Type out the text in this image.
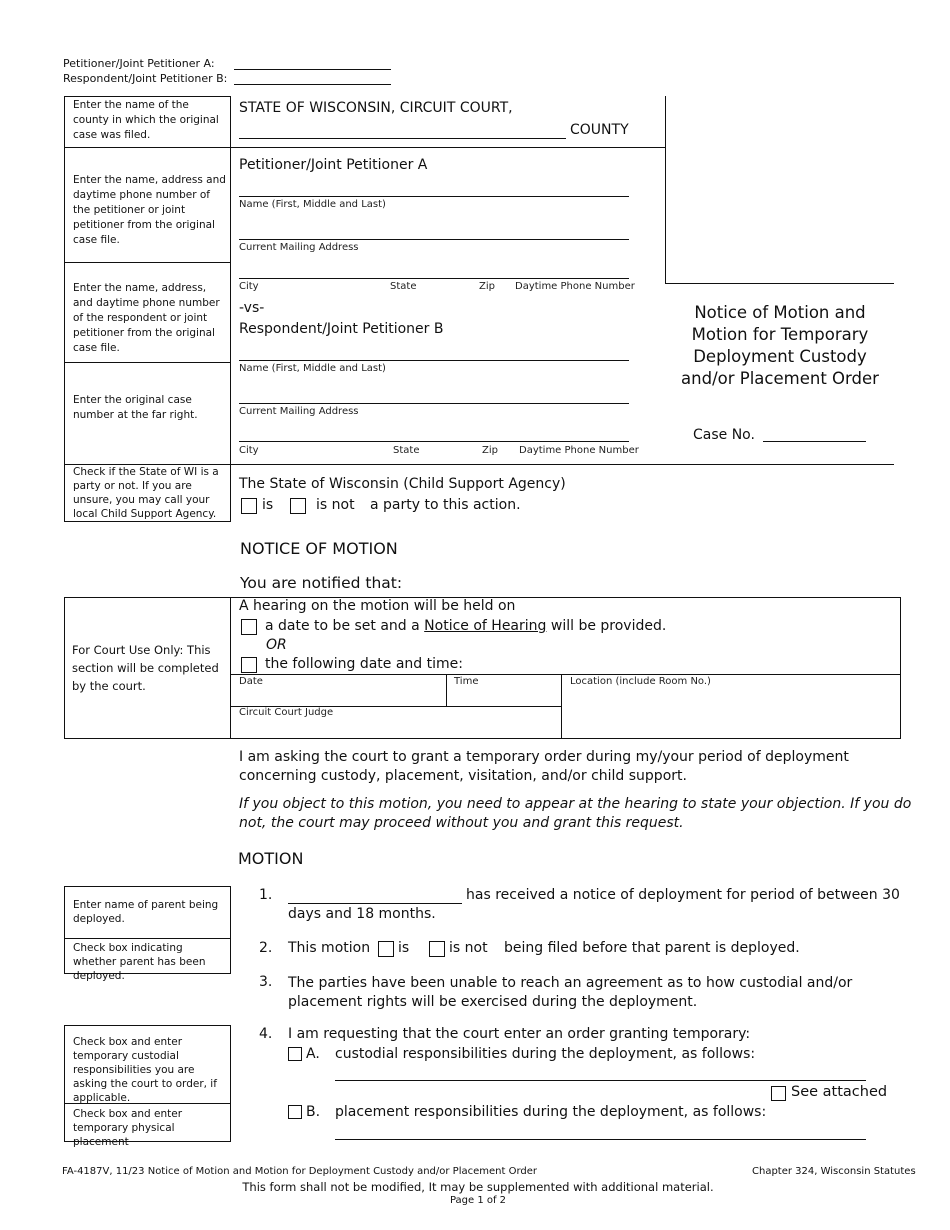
Petitioner/Joint Petitioner A:
Respondent/Joint Petitioner B:
Enter the name of the county in which the original case was filed.
Enter the name, address and daytime phone number of the petitioner or joint petitioner from the original case file.
Enter the name, address, and daytime phone number of the respondent or joint petitioner from the original case file.
Enter the original case number at the far right.
Check if the State of WI is a party or not. If you are unsure, you may call your local Child Support Agency.
STATE OF WISCONSIN, CIRCUIT COURT,
COUNTY
Petitioner/Joint Petitioner A
Name (First, Middle and Last)
Current Mailing Address
City	State	Zip Daytime Phone Number
-vs-
Respondent/Joint Petitioner B
Name (First, Middle and Last)
Current Mailing Address
City	State	Zip Daytime Phone Number
Notice of Motion and
Motion for Temporary
Deployment Custody
and/or Placement Order
Case No.
The State of Wisconsin (Child Support Agency)
is	is not a party to this action.
NOTICE OF MOTION
You are notified that:
For Court Use Only: This section will be completed by the court.
A hearing on the motion will be held on
a date to be set and a Notice of Hearing will be provided.
OR
the following date and time:
Date	Time	Location (include Room No.)
Circuit Court Judge
I am asking the court to grant a temporary order during my/your period of deployment
concerning custody, placement, visitation, and/or child support.
If you object to this motion, you need to appear at the hearing to state your objection. If you do
not, the court may proceed without you and grant this request.
MOTION
Enter name of parent being deployed.
Check box indicating whether parent has been deployed.
1.	has received a notice of deployment for period of between 30
days and 18 months.
2. This motion is	is not being filed before that parent is deployed.
3. The parties have been unable to reach an agreement as to how custodial and/or
placement rights will be exercised during the deployment.
Check box and enter temporary custodial responsibilities you are asking the court to order, if applicable.
Check box and enter temporary physical placement
4. I am requesting that the court enter an order granting temporary:
A. custodial responsibilities during the deployment, as follows:
See attached
B. placement responsibilities during the deployment, as follows:
FA-4187V, 11/23 Notice of Motion and Motion for Deployment Custody and/or Placement Order	Chapter 324, Wisconsin Statutes
This form shall not be modified, It may be supplemented with additional material.
Page 1 of 2
